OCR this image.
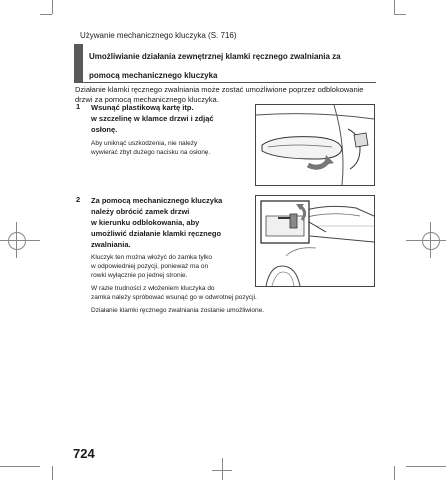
Używanie mechanicznego kluczyka (S. 716)
Umożliwianie działania zewnętrznej klamki ręcznego zwalniania za
pomocą mechanicznego kluczyka
Działanie klamki ręcznego zwalniania może zostać umożliwione poprzez odblokowanie drzwi za pomocą mechanicznego kluczyka.
1 Wsunąć plastikową kartę itp.
w szczelinę w klamce drzwi i zdjąć
osłonę.
Aby uniknąć uszkodzenia, nie należy
wywierać zbyt dużego nacisku na osłonę.
2 Za pomocą mechanicznego kluczyka
należy obrócić zamek drzwi
w kierunku odblokowania, aby
umożliwić działanie klamki ręcznego
zwalniania.
Kluczyk ten można włożyć do zamka tylko
w odpowiedniej pozycji, ponieważ ma on
rowki wyłącznie po jednej stronie.
W razie trudności z włożeniem kluczyka do
zamka należy spróbować wsunąć go w odwrotnej pozycji.
Działanie klamki ręcznego zwalniania zostanie umożliwione.
724
